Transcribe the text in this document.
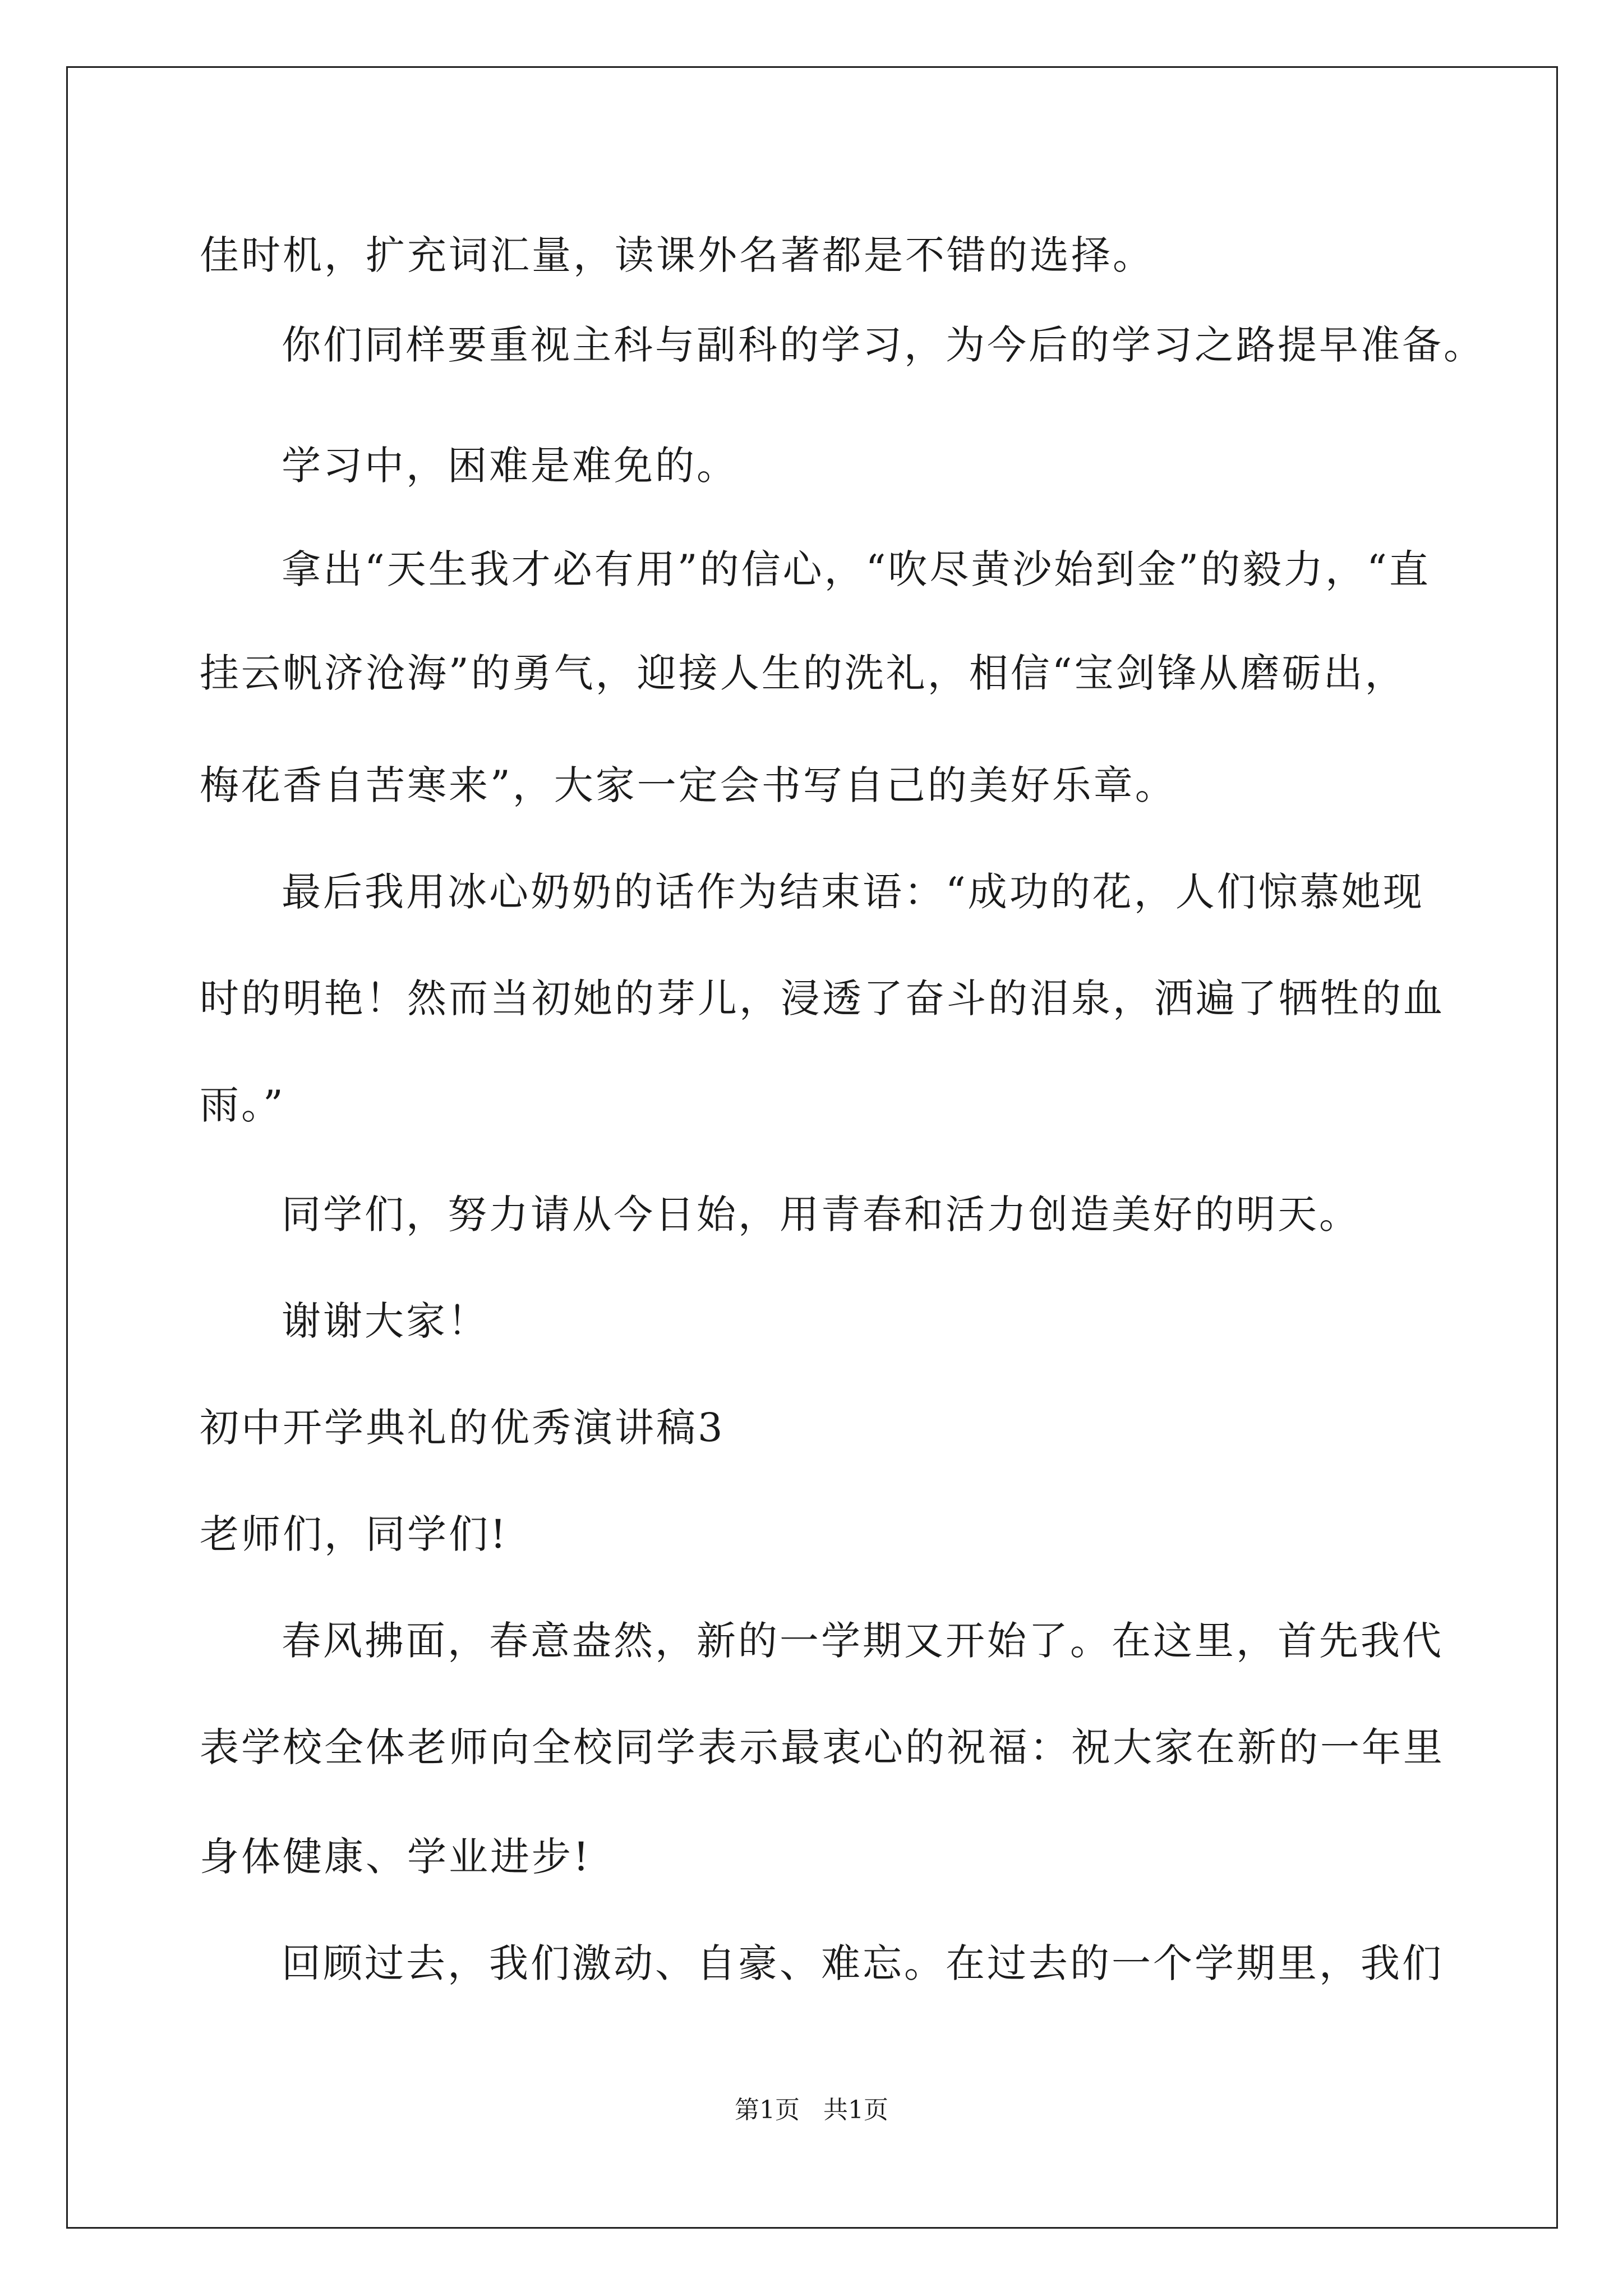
佳时机，扩充词汇量，读课外名著都是不错的选择。
你们同样要重视主科与副科的学习，为今后的学习之路提早准备。
学习中，困难是难免的。
拿出“天生我才必有用”的信心，“吹尽黄沙始到金”的毅力，“直
挂云帆济沧海”的勇气，迎接人生的洗礼，相信“宝剑锋从磨砺出，
梅花香自苦寒来”，大家一定会书写自己的美好乐章。
最后我用冰心奶奶的话作为结束语：“成功的花，人们惊慕她现
时的明艳！然而当初她的芽儿，浸透了奋斗的泪泉，洒遍了牺牲的血
雨。”
同学们，努力请从今日始，用青春和活力创造美好的明天。
谢谢大家！
初中开学典礼的优秀演讲稿3
老师们，同学们!
春风拂面，春意盎然，新的一学期又开始了。在这里，首先我代
表学校全体老师向全校同学表示最衷心的祝福：祝大家在新的一年里
身体健康、学业进步!
回顾过去，我们激动、自豪、难忘。在过去的一个学期里，我们
第1页   共1页
